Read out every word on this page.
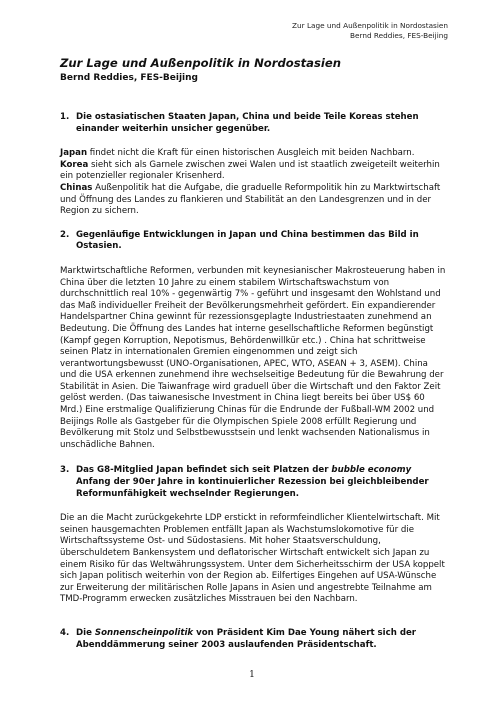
Zur Lage und Außenpolitik in Nordostasien
Bernd Reddies, FES-Beijing
Zur Lage und Außenpolitik in Nordostasien
Bernd Reddies, FES-Beijing
1. Die ostasiatischen Staaten Japan, China und beide Teile Koreas stehen einander weiterhin unsicher gegenüber.
Japan findet nicht die Kraft für einen historischen Ausgleich mit beiden Nachbarn.
Korea sieht sich als Garnele zwischen zwei Walen und ist staatlich zweigeteilt weiterhin ein potenzieller regionaler Krisenherd.
Chinas Außenpolitik hat die Aufgabe, die graduelle Reformpolitik hin zu Marktwirtschaft und Öffnung des Landes zu flankieren und Stabilität an den Landesgrenzen und in der Region zu sichern.
2. Gegenläufige Entwicklungen in Japan und China bestimmen das Bild in Ostasien.
Marktwirtschaftliche Reformen, verbunden mit keynesianischer Makrosteuerung haben in China über die letzten 10 Jahre zu einem stabilem Wirtschaftswachstum von durchschnittlich real 10% - gegenwärtig 7% - geführt und insgesamt den Wohlstand und das Maß individueller Freiheit der Bevölkerungsmehrheit gefördert. Ein expandierender Handelspartner China gewinnt für rezessionsgeplagte Industriestaaten zunehmend an Bedeutung. Die Öffnung des Landes hat interne gesellschaftliche Reformen begünstigt (Kampf gegen Korruption, Nepotismus, Behördenwillkür etc.) . China hat schrittweise seinen Platz in internationalen Gremien eingenommen und zeigt sich verantwortungsbewusst (UNO-Organisationen, APEC, WTO, ASEAN + 3, ASEM). China und die USA erkennen zunehmend ihre wechselseitige Bedeutung für die Bewahrung der Stabilität in Asien. Die Taiwanfrage wird graduell über die Wirtschaft und den Faktor Zeit gelöst werden. (Das taiwanesische Investment in China liegt bereits bei über US$ 60 Mrd.) Eine erstmalige Qualifizierung Chinas für die Endrunde der Fußball-WM 2002 und Beijings Rolle als Gastgeber für die Olympischen Spiele 2008 erfüllt Regierung und Bevölkerung mit Stolz und Selbstbewusstsein und lenkt wachsenden Nationalismus in unschädliche Bahnen.
3. Das G8-Mitglied Japan befindet sich seit Platzen der bubble economy Anfang der 90er Jahre in kontinuierlicher Rezession bei gleichbleibender Reformunfähigkeit wechselnder Regierungen.
Die an die Macht zurückgekehrte LDP erstickt in reformfeindlicher Klientelwirtschaft. Mit seinen hausgemachten Problemen entfällt Japan als Wachstumslokomotive für die Wirtschaftssysteme Ost- und Südostasiens. Mit hoher Staatsverschuldung, überschuldetem Bankensystem und deflatorischer Wirtschaft entwickelt sich Japan zu einem Risiko für das Weltwährungssystem. Unter dem Sicherheitsschirm der USA koppelt sich Japan politisch weiterhin von der Region ab. Eilfertiges Eingehen auf USA-Wünsche zur Erweiterung der militärischen Rolle Japans in Asien und angestrebte Teilnahme am TMD-Programm erwecken zusätzliches Misstrauen bei den Nachbarn.
4. Die Sonnenscheinpolitik von Präsident Kim Dae Young nähert sich der Abenddämmerung seiner 2003 auslaufenden Präsidentschaft.
1
